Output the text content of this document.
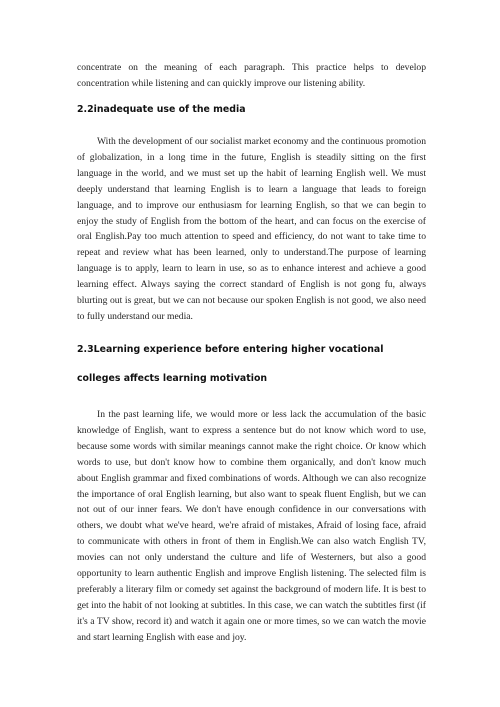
concentrate on the meaning of each paragraph. This practice helps to develop concentration while listening and can quickly improve our listening ability.

2.2inadequate use of the media

With the development of our socialist market economy and the continuous promotion of globalization, in a long time in the future, English is steadily sitting on the first language in the world, and we must set up the habit of learning English well. We must deeply understand that learning English is to learn a language that leads to foreign language, and to improve our enthusiasm for learning English, so that we can begin to enjoy the study of English from the bottom of the heart, and can focus on the exercise of oral English.Pay too much attention to speed and efficiency, do not want to take time to repeat and review what has been learned, only to understand.The purpose of learning language is to apply, learn to learn in use, so as to enhance interest and achieve a good learning effect. Always saying the correct standard of English is not gong fu, always blurting out is great, but we can not because our spoken English is not good, we also need to fully understand our media.

2.3Learning experience before entering higher vocational colleges affects learning motivation

In the past learning life, we would more or less lack the accumulation of the basic knowledge of English, want to express a sentence but do not know which word to use, because some words with similar meanings cannot make the right choice. Or know which words to use, but don't know how to combine them organically, and don't know much about English grammar and fixed combinations of words. Although we can also recognize the importance of oral English learning, but also want to speak fluent English, but we can not out of our inner fears. We don't have enough confidence in our conversations with others, we doubt what we've heard, we're afraid of mistakes, Afraid of losing face, afraid to communicate with others in front of them in English.We can also watch English TV, movies can not only understand the culture and life of Westerners, but also a good opportunity to learn authentic English and improve English listening. The selected film is preferably a literary film or comedy set against the background of modern life. It is best to get into the habit of not looking at subtitles. In this case, we can watch the subtitles first (if it's a TV show, record it) and watch it again one or more times, so we can watch the movie and start learning English with ease and joy.
